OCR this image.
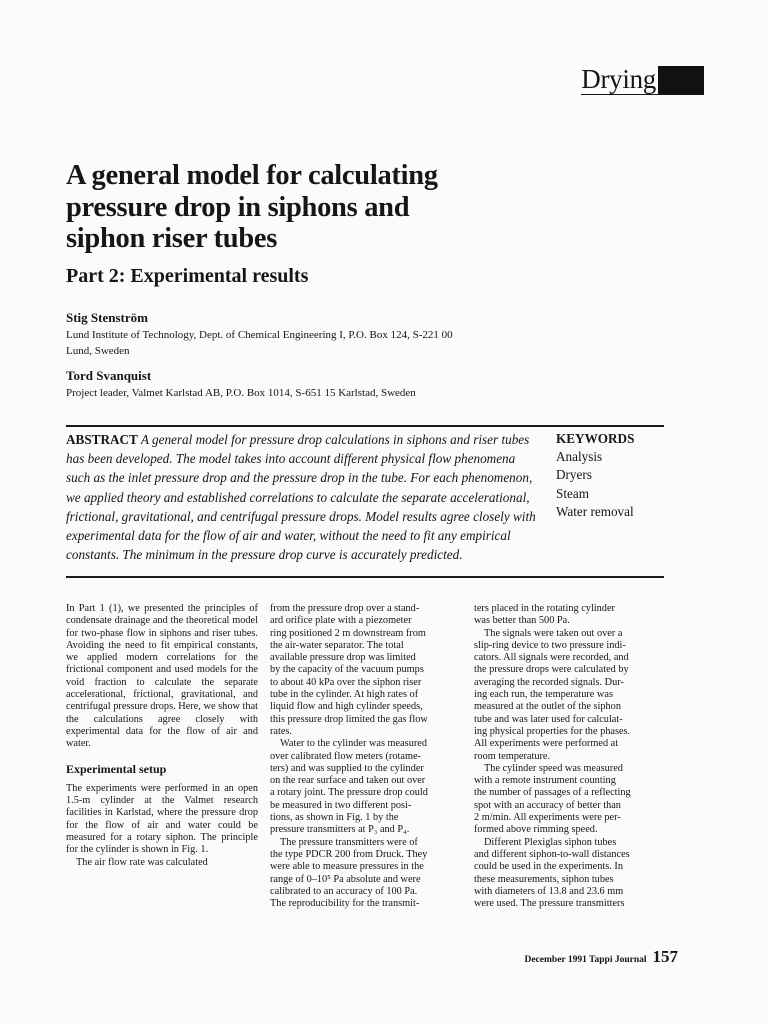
Drying
A general model for calculating
pressure drop in siphons and
siphon riser tubes
Part 2: Experimental results

Stig Stenström

Lund Institute of Technology, Dept. of Chemical Engineering I, P.O. Box 124, S-221 00
Lund, Sweden

Tord Svanquist

Project leader, Valmet Karlstad AB, P.O. Box 1014, S-651 15 Karlstad, Sweden

ABSTRACT A general model for pressure drop calculations in siphons and riser tubes has been developed. The model takes into account different physical flow phenomena such as the inlet pressure drop and the pressure drop in the tube. For each phenomenon, we applied theory and established correlations to calculate the separate accelerational, frictional, gravitational, and centrifugal pressure drops. Model results agree closely with experimental data for the flow of air and water, without the need to fit any empirical constants. The minimum in the pressure drop curve is accurately predicted.

KEYWORDS
Analysis
Dryers
Steam
Water removal

In Part 1 (1), we presented the principles of condensate drainage and the theoretical model for two-phase flow in siphons and riser tubes. Avoiding the need to fit empirical constants, we applied modern correlations for the frictional component and used models for the void fraction to calculate the separate accelerational, frictional, gravitational, and centrifugal pressure drops. Here, we show that the calculations agree closely with experimental data for the flow of air and water.

Experimental setup

The experiments were performed in an open 1.5-m cylinder at the Valmet research facilities in Karlstad, where the pressure drop for the flow of air and water could be measured for a rotary siphon. The principle for the cylinder is shown in Fig. 1.

The air flow rate was calculated

from the pressure drop over a stand-
ard orifice plate with a piezometer
ring positioned 2 m downstream from
the air-water separator. The total
available pressure drop was limited
by the capacity of the vacuum pumps
to about 40 kPa over the siphon riser
tube in the cylinder. At high rates of
liquid flow and high cylinder speeds,
this pressure drop limited the gas flow
rates.
Water to the cylinder was measured
over calibrated flow meters (rotame-
ters) and was supplied to the cylinder
on the rear surface and taken out over
a rotary joint. The pressure drop could
be measured in two different posi-
tions, as shown in Fig. 1 by the
pressure transmitters at P₃ and P₄.
The pressure transmitters were of
the type PDCR 200 from Druck. They
were able to measure pressures in the
range of 0–10⁵ Pa absolute and were
calibrated to an accuracy of 100 Pa.
The reproducibility for the transmit-
ters placed in the rotating cylinder
was better than 500 Pa.
The signals were taken out over a
slip-ring device to two pressure indi-
cators. All signals were recorded, and
the pressure drops were calculated by
averaging the recorded signals. Dur-
ing each run, the temperature was
measured at the outlet of the siphon
tube and was later used for calculat-
ing physical properties for the phases.
All experiments were performed at
room temperature.
The cylinder speed was measured
with a remote instrument counting
the number of passages of a reflecting
spot with an accuracy of better than
2 m/min. All experiments were per-
formed above rimming speed.
Different Plexiglas siphon tubes
and different siphon-to-wall distances
could be used in the experiments. In
these measurements, siphon tubes
with diameters of 13.8 and 23.6 mm
were used. The pressure transmitters
December 1991 Tappi Journal 157
